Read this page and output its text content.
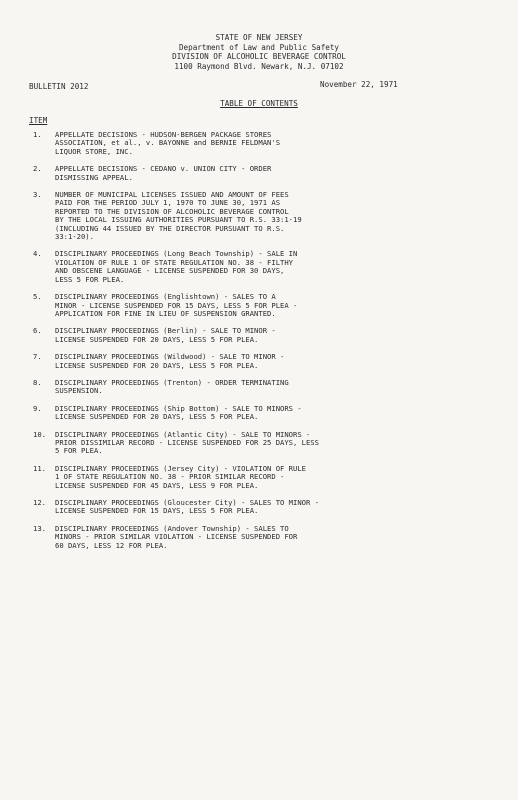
STATE OF NEW JERSEY
Department of Law and Public Safety
DIVISION OF ALCOHOLIC BEVERAGE CONTROL
1100 Raymond Blvd. Newark, N.J. 07102
BULLETIN 2012	November 22, 1971
TABLE OF CONTENTS
ITEM
1.	APPELLATE DECISIONS - HUDSON-BERGEN PACKAGE STORES
ASSOCIATION, et al., v. BAYONNE and BERNIE FELDMAN'S
LIQUOR STORE, INC.
2.	APPELLATE DECISIONS - CEDANO v. UNION CITY - ORDER
DISMISSING APPEAL.
3.	NUMBER OF MUNICIPAL LICENSES ISSUED AND AMOUNT OF FEES
PAID FOR THE PERIOD JULY 1, 1970 TO JUNE 30, 1971 AS
REPORTED TO THE DIVISION OF ALCOHOLIC BEVERAGE CONTROL
BY THE LOCAL ISSUING AUTHORITIES PURSUANT TO R.S. 33:1-19
(INCLUDING 44 ISSUED BY THE DIRECTOR PURSUANT TO R.S.
33:1-20).
4.	DISCIPLINARY PROCEEDINGS (Long Beach Township) - SALE IN
VIOLATION OF RULE 1 OF STATE REGULATION NO. 38 - FILTHY
AND OBSCENE LANGUAGE - LICENSE SUSPENDED FOR 30 DAYS,
LESS 5 FOR PLEA.
5.	DISCIPLINARY PROCEEDINGS (Englishtown) - SALES TO A
MINOR - LICENSE SUSPENDED FOR 15 DAYS, LESS 5 FOR PLEA -
APPLICATION FOR FINE IN LIEU OF SUSPENSION GRANTED.
6.	DISCIPLINARY PROCEEDINGS (Berlin) - SALE TO MINOR -
LICENSE SUSPENDED FOR 20 DAYS, LESS 5 FOR PLEA.
7.	DISCIPLINARY PROCEEDINGS (Wildwood) - SALE TO MINOR -
LICENSE SUSPENDED FOR 20 DAYS, LESS 5 FOR PLEA.
8.	DISCIPLINARY PROCEEDINGS (Trenton) - ORDER TERMINATING
SUSPENSION.
9.	DISCIPLINARY PROCEEDINGS (Ship Bottom) - SALE TO MINORS -
LICENSE SUSPENDED FOR 20 DAYS, LESS 5 FOR PLEA.
10.	DISCIPLINARY PROCEEDINGS (Atlantic City) - SALE TO MINORS -
PRIOR DISSIMILAR RECORD - LICENSE SUSPENDED FOR 25 DAYS, LESS
5 FOR PLEA.
11.	DISCIPLINARY PROCEEDINGS (Jersey City) - VIOLATION OF RULE
1 OF STATE REGULATION NO. 38 - PRIOR SIMILAR RECORD -
LICENSE SUSPENDED FOR 45 DAYS, LESS 9 FOR PLEA.
12.	DISCIPLINARY PROCEEDINGS (Gloucester City) - SALES TO MINOR -
LICENSE SUSPENDED FOR 15 DAYS, LESS 5 FOR PLEA.
13.	DISCIPLINARY PROCEEDINGS (Andover Township) - SALES TO
MINORS - PRIOR SIMILAR VIOLATION - LICENSE SUSPENDED FOR
60 DAYS, LESS 12 FOR PLEA.
